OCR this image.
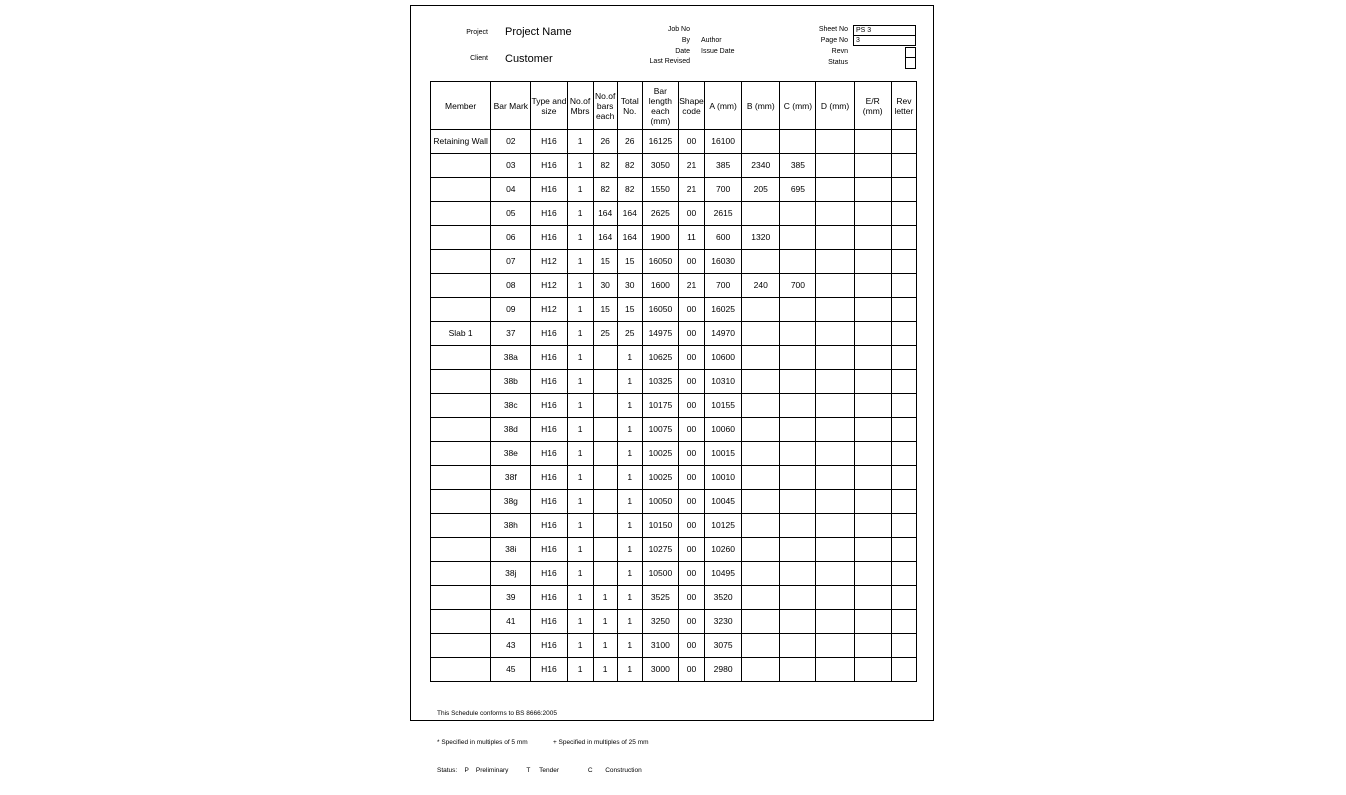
Project Project Name
Client Customer
Job No
By Author
Date Issue Date
Last Revised
Sheet No	PS 3
Page No	3
Revn
Status
Member	Bar Mark	Type and size	No.of Mbrs	No.of bars each	Total No.	Bar length each (mm)	Shape code	A (mm)	B (mm)	C (mm)	D (mm)	E/R (mm)	Rev letter
Retaining Wall	02	H16	1	26	26	16125	00	16100					
	03	H16	1	82	82	3050	21	385	2340	385			
	04	H16	1	82	82	1550	21	700	205	695			
	05	H16	1	164	164	2625	00	2615					
	06	H16	1	164	164	1900	11	600	1320				
	07	H12	1	15	15	16050	00	16030					
	08	H12	1	30	30	1600	21	700	240	700			
	09	H12	1	15	15	16050	00	16025					
Slab 1	37	H16	1	25	25	14975	00	14970					
	38a	H16	1		1	10625	00	10600					
	38b	H16	1		1	10325	00	10310					
	38c	H16	1		1	10175	00	10155					
	38d	H16	1		1	10075	00	10060					
	38e	H16	1		1	10025	00	10015					
	38f	H16	1		1	10025	00	10010					
	38g	H16	1		1	10050	00	10045					
	38h	H16	1		1	10150	00	10125					
	38i	H16	1		1	10275	00	10260					
	38j	H16	1		1	10500	00	10495					
	39	H16	1	1	1	3525	00	3520					
	41	H16	1	1	1	3250	00	3230					
	43	H16	1	1	1	3100	00	3075					
	45	H16	1	1	1	3000	00	2980					

This Schedule conforms to BS 8666:2005

* Specified in multiples of 5 mm              + Specified in multiples of 25 mm

Status:    P    Preliminary          T     Tender                C       Construction
